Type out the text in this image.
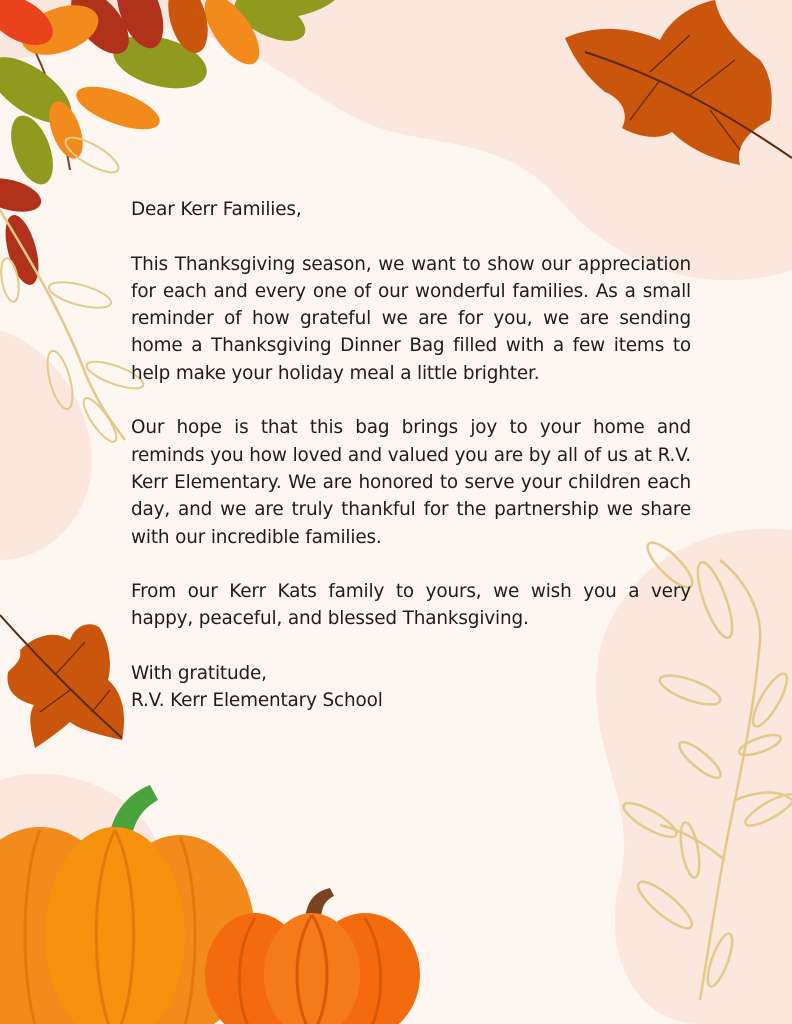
Dear Kerr Families,

This Thanksgiving season, we want to show our appreciation for each and every one of our wonderful families. As a small reminder of how grateful we are for you, we are sending home a Thanksgiving Dinner Bag filled with a few items to help make your holiday meal a little brighter.

Our hope is that this bag brings joy to your home and reminds you how loved and valued you are by all of us at R.V. Kerr Elementary. We are honored to serve your children each day, and we are truly thankful for the partnership we share with our incredible families.

From our Kerr Kats family to yours, we wish you a very happy, peaceful, and blessed Thanksgiving.

With gratitude,

R.V. Kerr Elementary School
